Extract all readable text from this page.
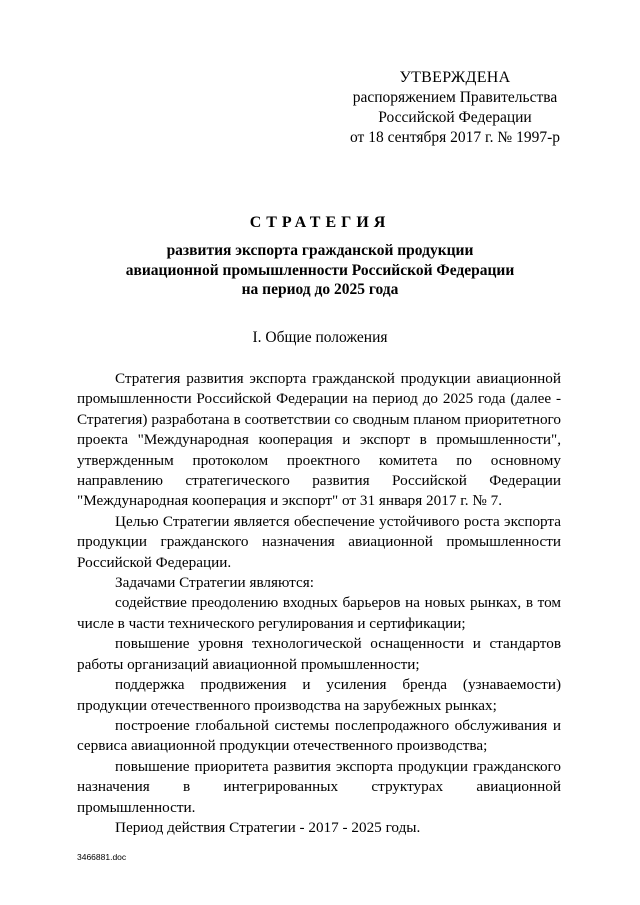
УТВЕРЖДЕНА
распоряжением Правительства
Российской Федерации
от 18 сентября 2017 г. № 1997-р
СТРАТЕГИЯ
развития экспорта гражданской продукции
авиационной промышленности Российской Федерации
на период до 2025 года
I. Общие положения

Стратегия развития экспорта гражданской продукции авиационной промышленности Российской Федерации на период до 2025 года (далее - Стратегия) разработана в соответствии со сводным планом приоритетного проекта "Международная кооперация и экспорт в промышленности", утвержденным протоколом проектного комитета по основному направлению стратегического развития Российской Федерации "Международная кооперация и экспорт" от 31 января 2017 г. № 7.

Целью Стратегии является обеспечение устойчивого роста экспорта продукции гражданского назначения авиационной промышленности Российской Федерации.

Задачами Стратегии являются:

содействие преодолению входных барьеров на новых рынках, в том числе в части технического регулирования и сертификации;

повышение уровня технологической оснащенности и стандартов работы организаций авиационной промышленности;

поддержка продвижения и усиления бренда (узнаваемости) продукции отечественного производства на зарубежных рынках;

построение глобальной системы послепродажного обслуживания и сервиса авиационной продукции отечественного производства;

повышение приоритета развития экспорта продукции гражданского назначения в интегрированных структурах авиационной промышленности.

Период действия Стратегии - 2017 - 2025 годы.

3466881.doc
